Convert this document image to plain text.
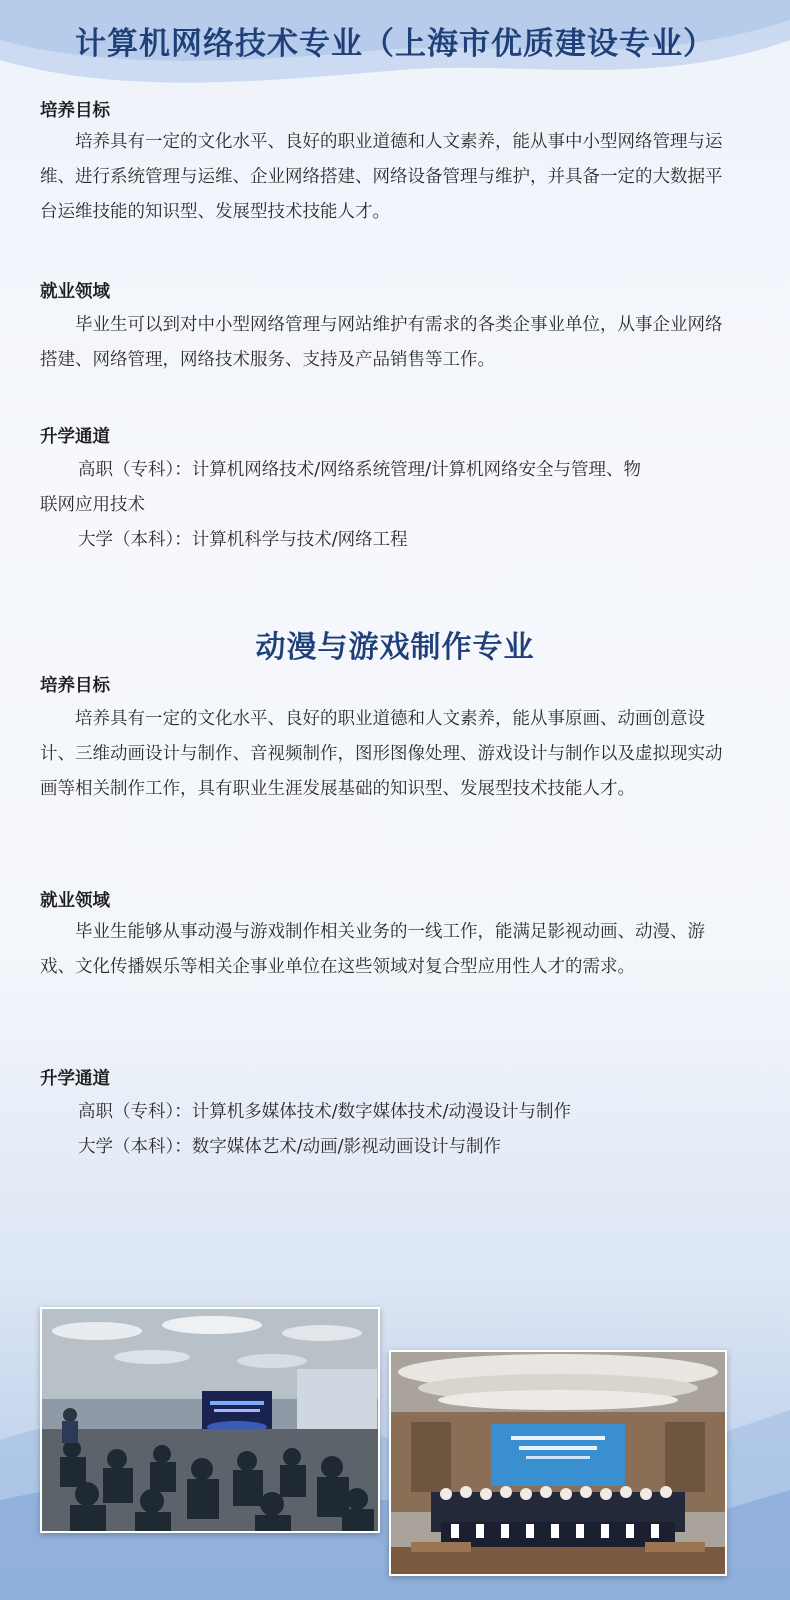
计算机网络技术专业（上海市优质建设专业）
培养目标
培养具有一定的文化水平、良好的职业道德和人文素养，能从事中小型网络管理与运维、进行系统管理与运维、企业网络搭建、网络设备管理与维护，并具备一定的大数据平台运维技能的知识型、发展型技术技能人才。
就业领域
毕业生可以到对中小型网络管理与网站维护有需求的各类企事业单位，从事企业网络搭建、网络管理，网络技术服务、支持及产品销售等工作。
升学通道
高职（专科）：计算机网络技术/网络系统管理/计算机网络安全与管理、物
联网应用技术
大学（本科）：计算机科学与技术/网络工程
动漫与游戏制作专业
培养目标
培养具有一定的文化水平、良好的职业道德和人文素养，能从事原画、动画创意设计、三维动画设计与制作、音视频制作，图形图像处理、游戏设计与制作以及虚拟现实动画等相关制作工作，具有职业生涯发展基础的知识型、发展型技术技能人才。
就业领域
毕业生能够从事动漫与游戏制作相关业务的一线工作，能满足影视动画、动漫、游戏、文化传播娱乐等相关企事业单位在这些领域对复合型应用性人才的需求。
升学通道
高职（专科）：计算机多媒体技术/数字媒体技术/动漫设计与制作
大学（本科）：数字媒体艺术/动画/影视动画设计与制作
